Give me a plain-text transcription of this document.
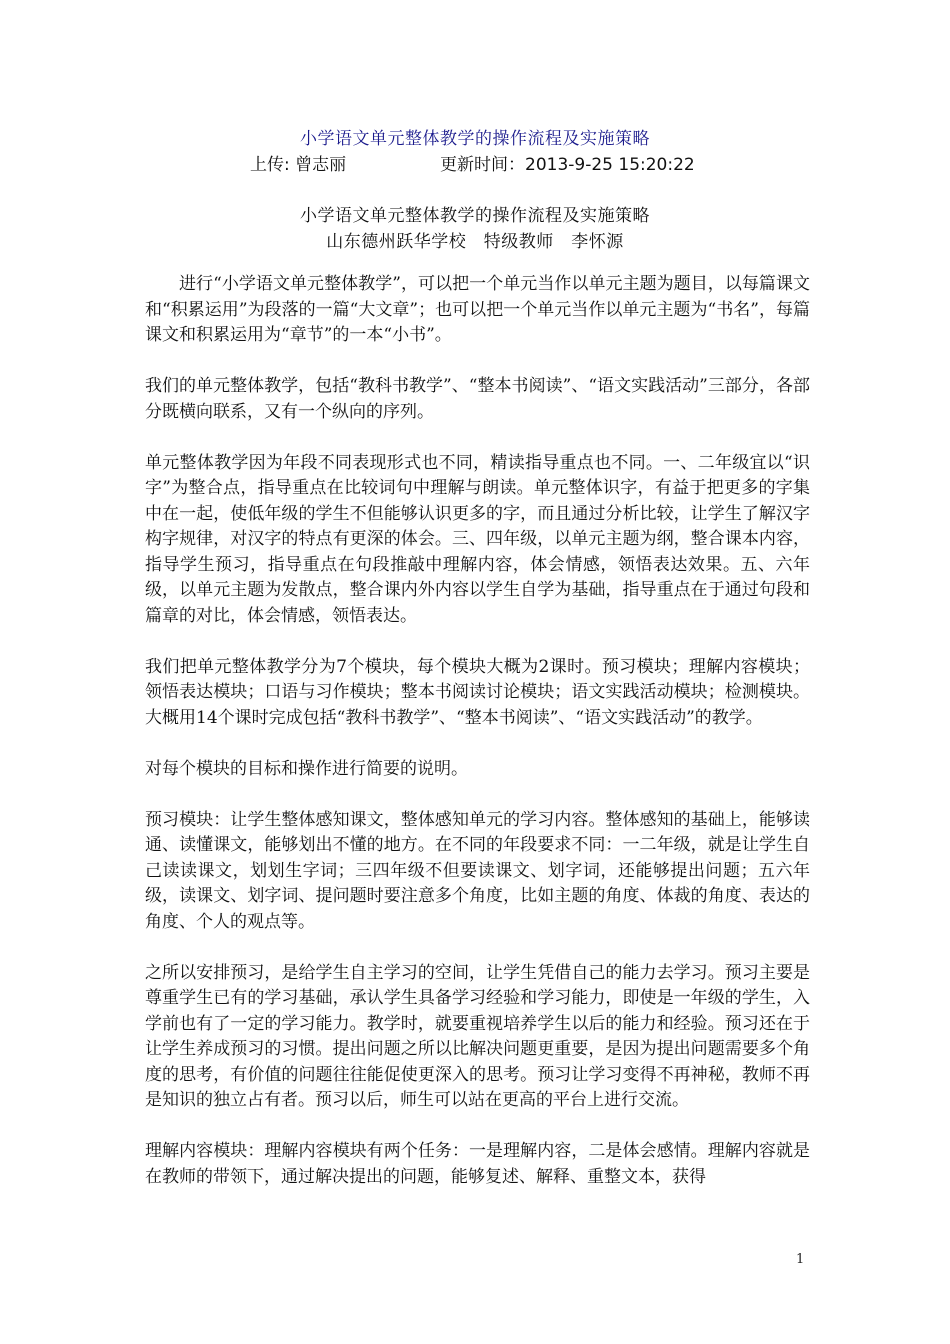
小学语文单元整体教学的操作流程及实施策略
上传: 曾志丽	更新时间：2013-9-25 15:20:22
小学语文单元整体教学的操作流程及实施策略
山东德州跃华学校　特级教师　李怀源

进行“小学语文单元整体教学”，可以把一个单元当作以单元主题为题目，以每篇课文和“积累运用”为段落的一篇“大文章”；也可以把一个单元当作以单元主题为“书名”，每篇课文和积累运用为“章节”的一本“小书”。

我们的单元整体教学，包括“教科书教学”、“整本书阅读”、“语文实践活动”三部分，各部分既横向联系，又有一个纵向的序列。

单元整体教学因为年段不同表现形式也不同，精读指导重点也不同。一、二年级宜以“识字”为整合点，指导重点在比较词句中理解与朗读。单元整体识字，有益于把更多的字集中在一起，使低年级的学生不但能够认识更多的字，而且通过分析比较，让学生了解汉字构字规律，对汉字的特点有更深的体会。三、四年级，以单元主题为纲，整合课本内容，指导学生预习，指导重点在句段推敲中理解内容，体会情感，领悟表达效果。五、六年级，以单元主题为发散点，整合课内外内容以学生自学为基础，指导重点在于通过句段和篇章的对比，体会情感，领悟表达。

我们把单元整体教学分为7个模块，每个模块大概为2课时。预习模块；理解内容模块；领悟表达模块；口语与习作模块；整本书阅读讨论模块；语文实践活动模块；检测模块。大概用14个课时完成包括“教科书教学”、“整本书阅读”、“语文实践活动”的教学。

对每个模块的目标和操作进行简要的说明。

预习模块：让学生整体感知课文，整体感知单元的学习内容。整体感知的基础上，能够读通、读懂课文，能够划出不懂的地方。在不同的年段要求不同：一二年级，就是让学生自己读读课文，划划生字词；三四年级不但要读课文、划字词，还能够提出问题；五六年级，读课文、划字词、提问题时要注意多个角度，比如主题的角度、体裁的角度、表达的角度、个人的观点等。

之所以安排预习，是给学生自主学习的空间，让学生凭借自己的能力去学习。预习主要是尊重学生已有的学习基础，承认学生具备学习经验和学习能力，即使是一年级的学生，入学前也有了一定的学习能力。教学时，就要重视培养学生以后的能力和经验。预习还在于让学生养成预习的习惯。提出问题之所以比解决问题更重要，是因为提出问题需要多个角度的思考，有价值的问题往往能促使更深入的思考。预习让学习变得不再神秘，教师不再是知识的独立占有者。预习以后，师生可以站在更高的平台上进行交流。

理解内容模块：理解内容模块有两个任务：一是理解内容，二是体会感情。理解内容就是在教师的带领下，通过解决提出的问题，能够复述、解释、重整文本，获得

1
